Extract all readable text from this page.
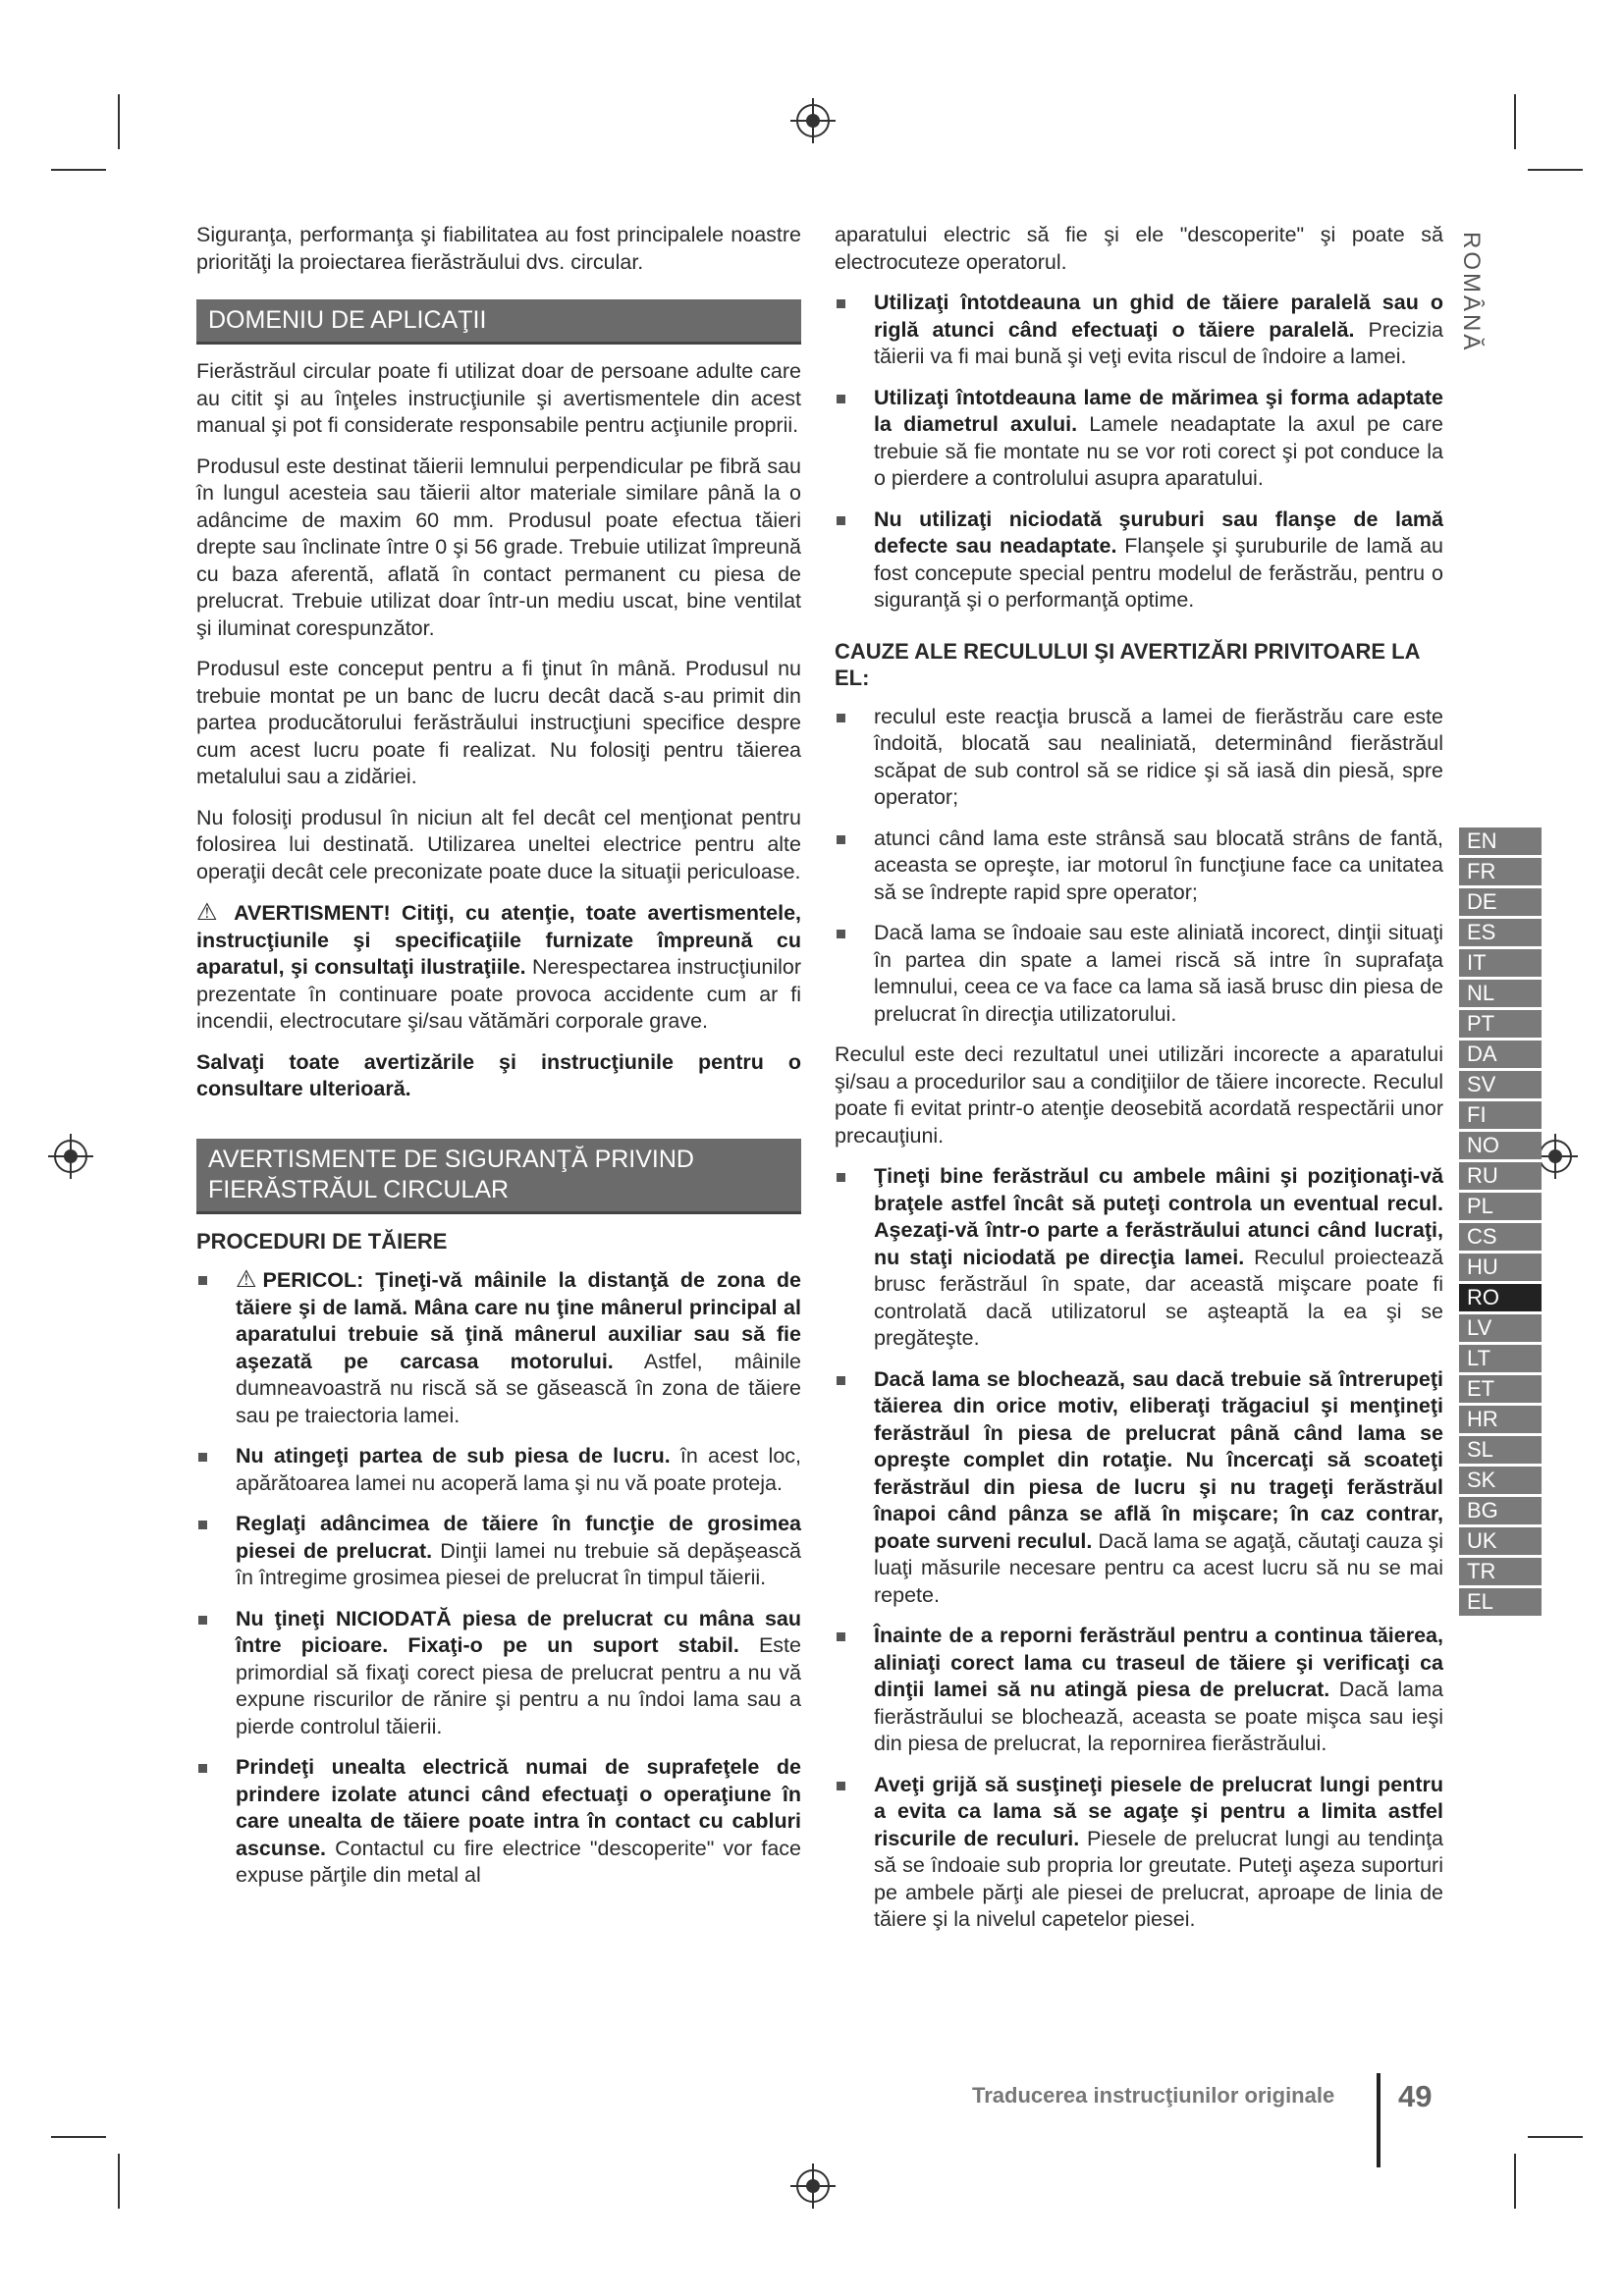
Siguranţa, performanţa şi fiabilitatea au fost principalele noastre priorităţi la proiectarea fierăstrăului dvs. circular.

DOMENIU DE APLICAŢII

Fierăstrăul circular poate fi utilizat doar de persoane adulte care au citit şi au înţeles instrucţiunile şi avertismentele din acest manual şi pot fi considerate responsabile pentru acţiunile proprii.

Produsul este destinat tăierii lemnului perpendicular pe fibră sau în lungul acesteia sau tăierii altor materiale similare până la o adâncime de maxim 60 mm. Produsul poate efectua tăieri drepte sau înclinate între 0 şi 56 grade. Trebuie utilizat împreună cu baza aferentă, aflată în contact permanent cu piesa de prelucrat. Trebuie utilizat doar într-un mediu uscat, bine ventilat şi iluminat corespunzător.

Produsul este conceput pentru a fi ţinut în mână. Produsul nu trebuie montat pe un banc de lucru decât dacă s-au primit din partea producătorului ferăstrăului instrucţiuni specifice despre cum acest lucru poate fi realizat. Nu folosiţi pentru tăierea metalului sau a zidăriei.

Nu folosiţi produsul în niciun alt fel decât cel menţionat pentru folosirea lui destinată. Utilizarea uneltei electrice pentru alte operaţii decât cele preconizate poate duce la situaţii periculoase.

⚠ AVERTISMENT! Citiţi, cu atenţie, toate avertismentele, instrucţiunile şi specificaţiile furnizate împreună cu aparatul, şi consultaţi ilustraţiile. Nerespectarea instrucţiunilor prezentate în continuare poate provoca accidente cum ar fi incendii, electrocutare şi/sau vătămări corporale grave.

Salvaţi toate avertizările şi instrucţiunile pentru o consultare ulterioară.

AVERTISMENTE DE SIGURANŢĂ PRIVIND FIERĂSTRĂUL CIRCULAR
PROCEDURI DE TĂIERE
⚠PERICOL: Ţineţi-vă mâinile la distanţă de zona de tăiere şi de lamă. Mâna care nu ţine mânerul principal al aparatului trebuie să ţină mânerul auxiliar sau să fie aşezată pe carcasa motorului. Astfel, mâinile dumneavoastră nu riscă să se găsească în zona de tăiere sau pe traiectoria lamei.
Nu atingeţi partea de sub piesa de lucru. în acest loc, apărătoarea lamei nu acoperă lama şi nu vă poate proteja.
Reglaţi adâncimea de tăiere în funcţie de grosimea piesei de prelucrat. Dinţii lamei nu trebuie să depăşească în întregime grosimea piesei de prelucrat în timpul tăierii.
Nu ţineţi NICIODATĂ piesa de prelucrat cu mâna sau între picioare. Fixaţi-o pe un suport stabil. Este primordial să fixaţi corect piesa de prelucrat pentru a nu vă expune riscurilor de rănire şi pentru a nu îndoi lama sau a pierde controlul tăierii.
Prindeţi unealta electrică numai de suprafeţele de prindere izolate atunci când efectuaţi o operaţiune în care unealta de tăiere poate intra în contact cu cabluri ascunse. Contactul cu fire electrice "descoperite" vor face expuse părţile din metal al

aparatului electric să fie şi ele "descoperite" şi poate să electrocuteze operatorul.

Utilizaţi întotdeauna un ghid de tăiere paralelă sau o riglă atunci când efectuaţi o tăiere paralelă. Precizia tăierii va fi mai bună şi veţi evita riscul de îndoire a lamei.
Utilizaţi întotdeauna lame de mărimea şi forma adaptate la diametrul axului. Lamele neadaptate la axul pe care trebuie să fie montate nu se vor roti corect şi pot conduce la o pierdere a controlului asupra aparatului.
Nu utilizaţi niciodată şuruburi sau flanşe de lamă defecte sau neadaptate. Flanşele şi şuruburile de lamă au fost concepute special pentru modelul de ferăstrău, pentru o siguranţă şi o performanţă optime.
CAUZE ALE RECULULUI ŞI AVERTIZĂRI PRIVITOARE LA EL:
reculul este reacţia bruscă a lamei de fierăstrău care este îndoită, blocată sau nealiniată, determinând fierăstrăul scăpat de sub control să se ridice şi să iasă din piesă, spre operator;
atunci când lama este strânsă sau blocată strâns de fantă, aceasta se opreşte, iar motorul în funcţiune face ca unitatea să se îndrepte rapid spre operator;
Dacă lama se îndoaie sau este aliniată incorect, dinţii situaţi în partea din spate a lamei riscă să intre în suprafaţa lemnului, ceea ce va face ca lama să iasă brusc din piesa de prelucrat în direcţia utilizatorului.

Reculul este deci rezultatul unei utilizări incorecte a aparatului şi/sau a procedurilor sau a condiţiilor de tăiere incorecte. Reculul poate fi evitat printr-o atenţie deosebită acordată respectării unor precauţiuni.

Ţineţi bine ferăstrăul cu ambele mâini şi poziţionaţi-vă braţele astfel încât să puteţi controla un eventual recul. Aşezaţi-vă într-o parte a ferăstrăului atunci când lucraţi, nu staţi niciodată pe direcţia lamei. Reculul proiectează brusc ferăstrăul în spate, dar această mişcare poate fi controlată dacă utilizatorul se aşteaptă la ea şi se pregăteşte.
Dacă lama se blochează, sau dacă trebuie să întrerupeţi tăierea din orice motiv, eliberaţi trăgaciul şi menţineţi ferăstrăul în piesa de prelucrat până când lama se opreşte complet din rotaţie. Nu încercaţi să scoateţi ferăstrăul din piesa de lucru şi nu trageţi ferăstrăul înapoi când pânza se află în mişcare; în caz contrar, poate surveni reculul. Dacă lama se agaţă, căutaţi cauza şi luaţi măsurile necesare pentru ca acest lucru să nu se mai repete.
Înainte de a reporni ferăstrăul pentru a continua tăierea, aliniaţi corect lama cu traseul de tăiere şi verificaţi ca dinţii lamei să nu atingă piesa de prelucrat. Dacă lama fierăstrăului se blochează, aceasta se poate mişca sau ieşi din piesa de prelucrat, la repornirea fierăstrăului.
Aveţi grijă să susţineţi piesele de prelucrat lungi pentru a evita ca lama să se agaţe şi pentru a limita astfel riscurile de reculuri. Piesele de prelucrat lungi au tendinţa să se îndoaie sub propria lor greutate. Puteţi aşeza suporturi pe ambele părţi ale piesei de prelucrat, aproape de linia de tăiere şi la nivelul capetelor piesei.
ROMÂNĂ
EN
FR
DE
ES
IT
NL
PT
DA
SV
FI
NO
RU
PL
CS
HU
RO
LV
LT
ET
HR
SL
SK
BG
UK
TR
EL
Traducerea instrucţiunilor originale 49
